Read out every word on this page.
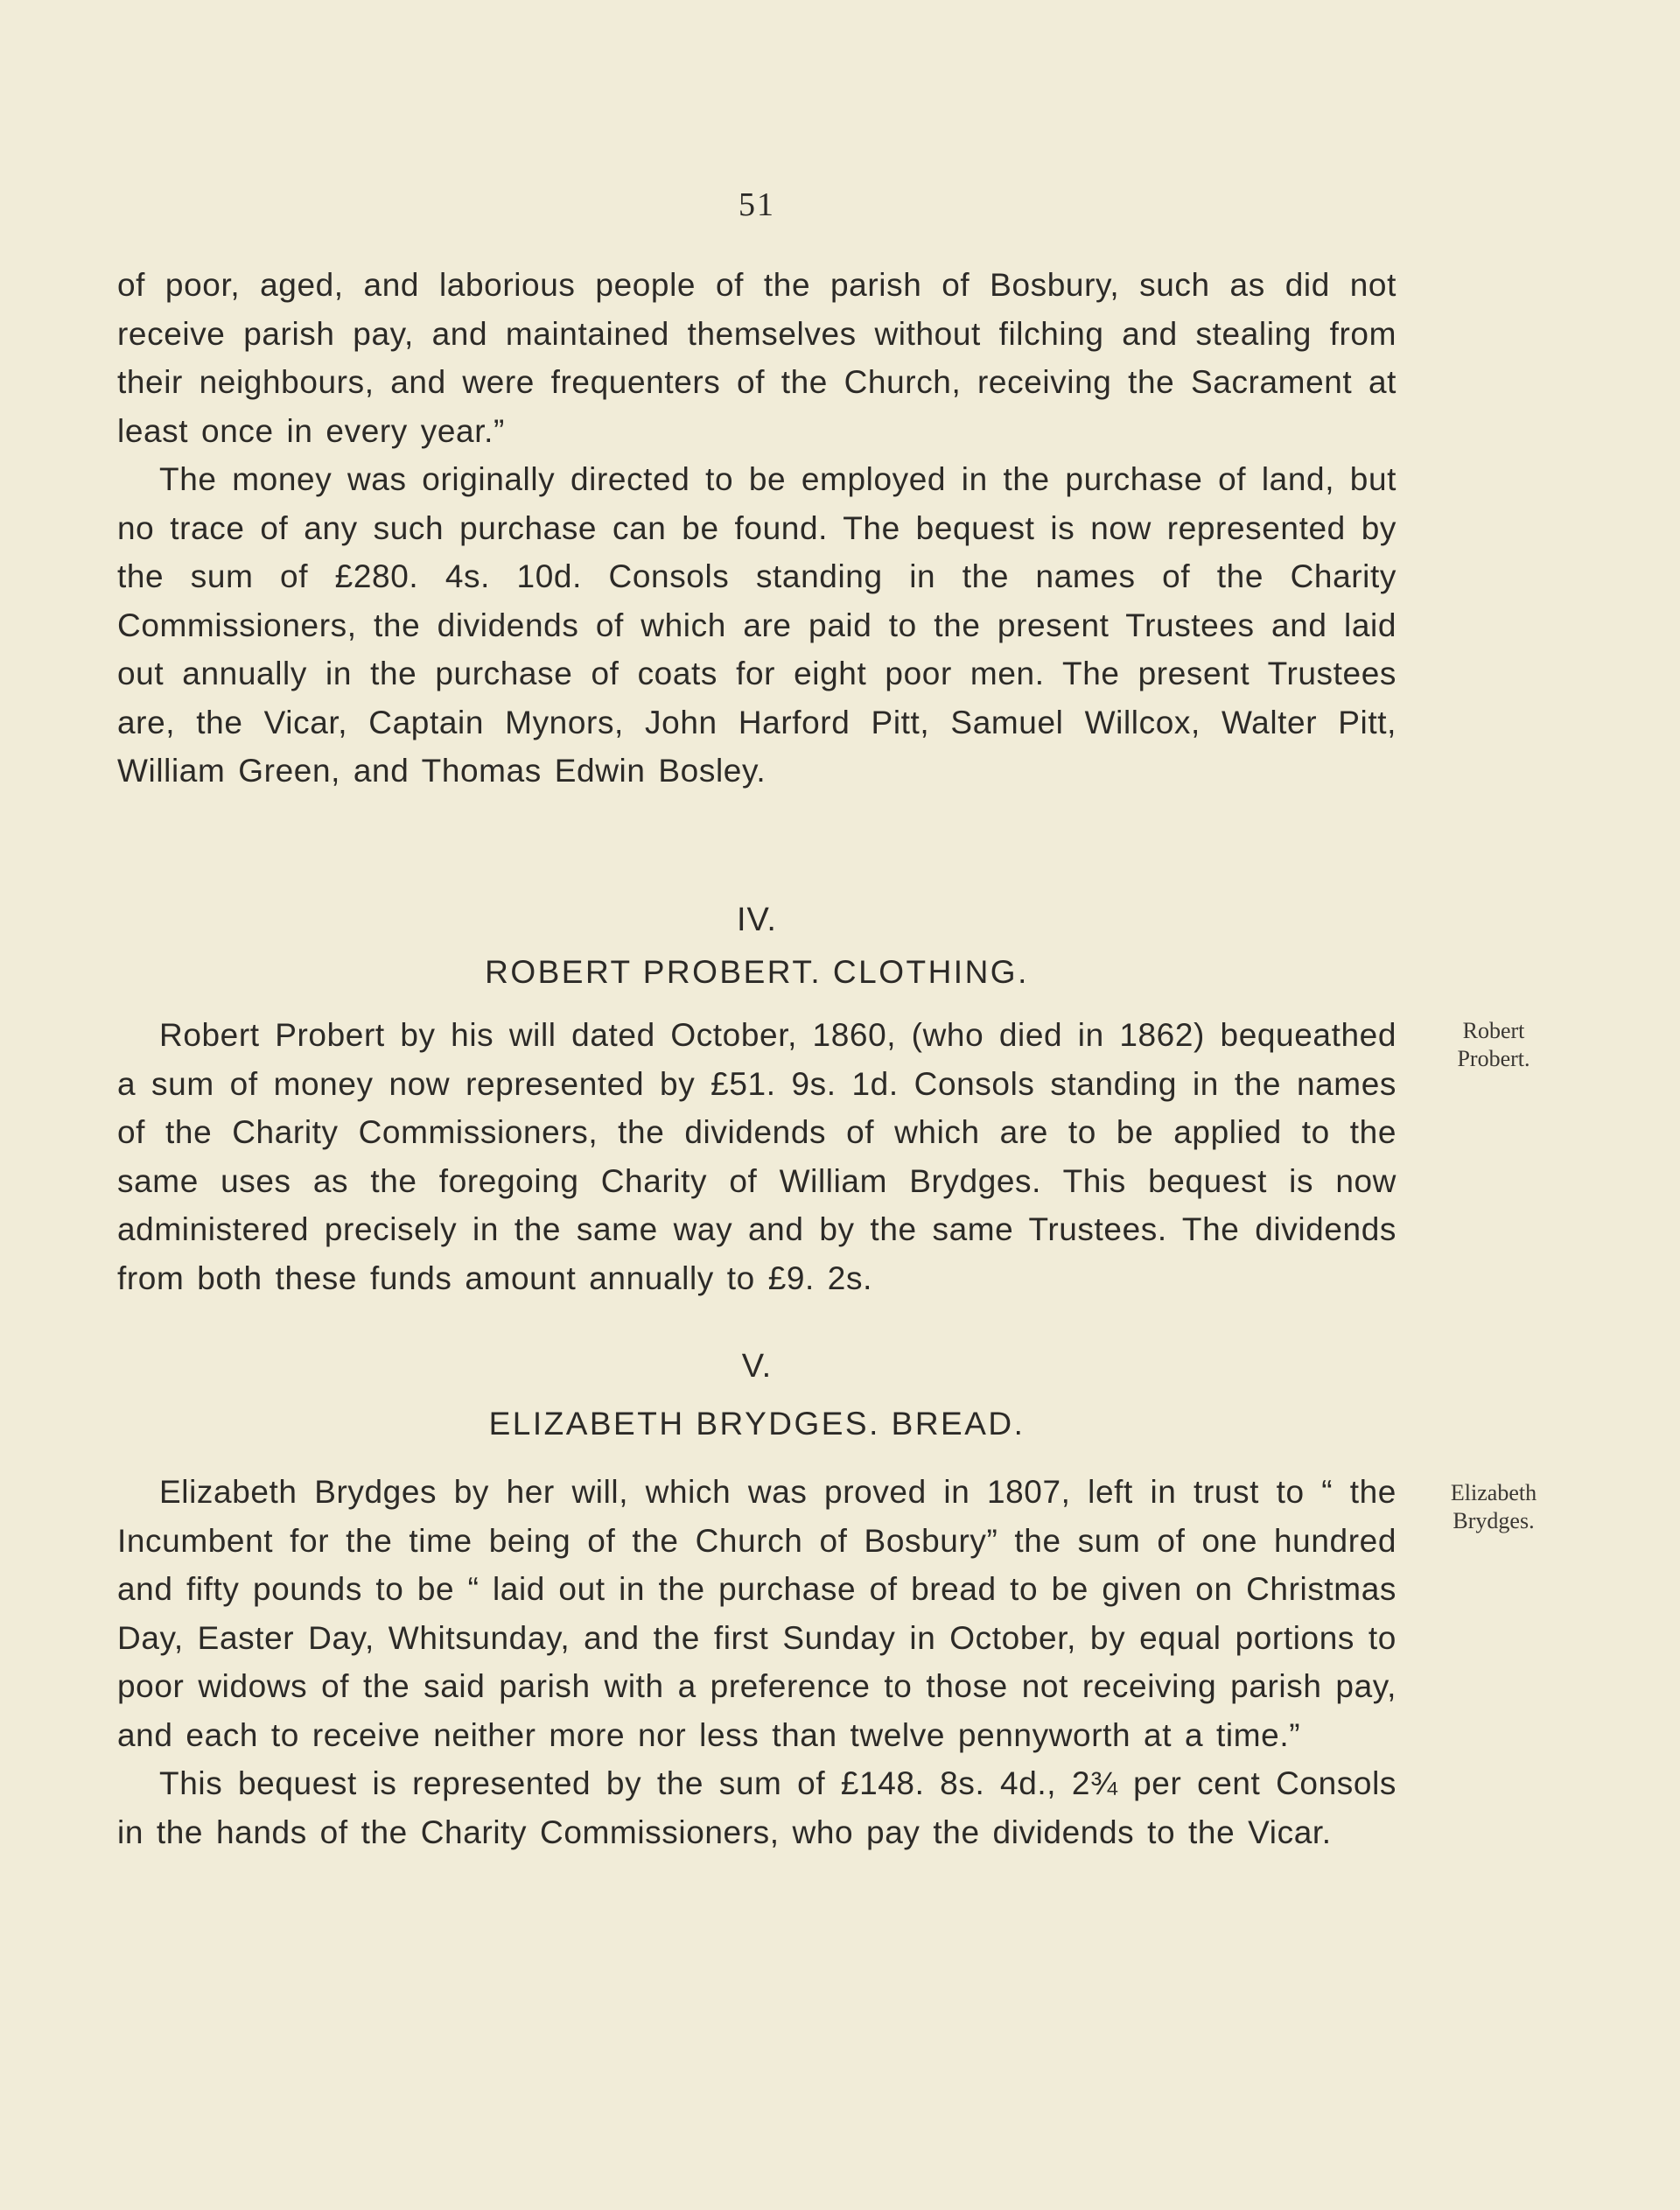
51

of poor, aged, and laborious people of the parish of Bosbury, such as did not receive parish pay, and maintained themselves without filching and stealing from their neighbours, and were frequenters of the Church, receiving the Sacrament at least once in every year.”

The money was originally directed to be employed in the purchase of land, but no trace of any such purchase can be found. The bequest is now represented by the sum of £280. 4s. 10d. Consols standing in the names of the Charity Commissioners, the dividends of which are paid to the present Trustees and laid out annually in the purchase of coats for eight poor men. The present Trustees are, the Vicar, Captain Mynors, John Harford Pitt, Samuel Willcox, Walter Pitt, William Green, and Thomas Edwin Bosley.

IV.
ROBERT PROBERT. CLOTHING.
Robert
Probert.

Robert Probert by his will dated October, 1860, (who died in 1862) bequeathed a sum of money now represented by £51. 9s. 1d. Consols standing in the names of the Charity Commissioners, the dividends of which are to be applied to the same uses as the foregoing Charity of William Brydges. This bequest is now administered precisely in the same way and by the same Trustees. The dividends from both these funds amount annually to £9. 2s.

V.
ELIZABETH BRYDGES. BREAD.
Elizabeth
Brydges.

Elizabeth Brydges by her will, which was proved in 1807, left in trust to “ the Incumbent for the time being of the Church of Bosbury” the sum of one hundred and fifty pounds to be “ laid out in the purchase of bread to be given on Christmas Day, Easter Day, Whitsunday, and the first Sunday in October, by equal portions to poor widows of the said parish with a preference to those not receiving parish pay, and each to receive neither more nor less than twelve pennyworth at a time.”

This bequest is represented by the sum of £148. 8s. 4d., 2¾ per cent Consols in the hands of the Charity Commissioners, who pay the dividends to the Vicar.
